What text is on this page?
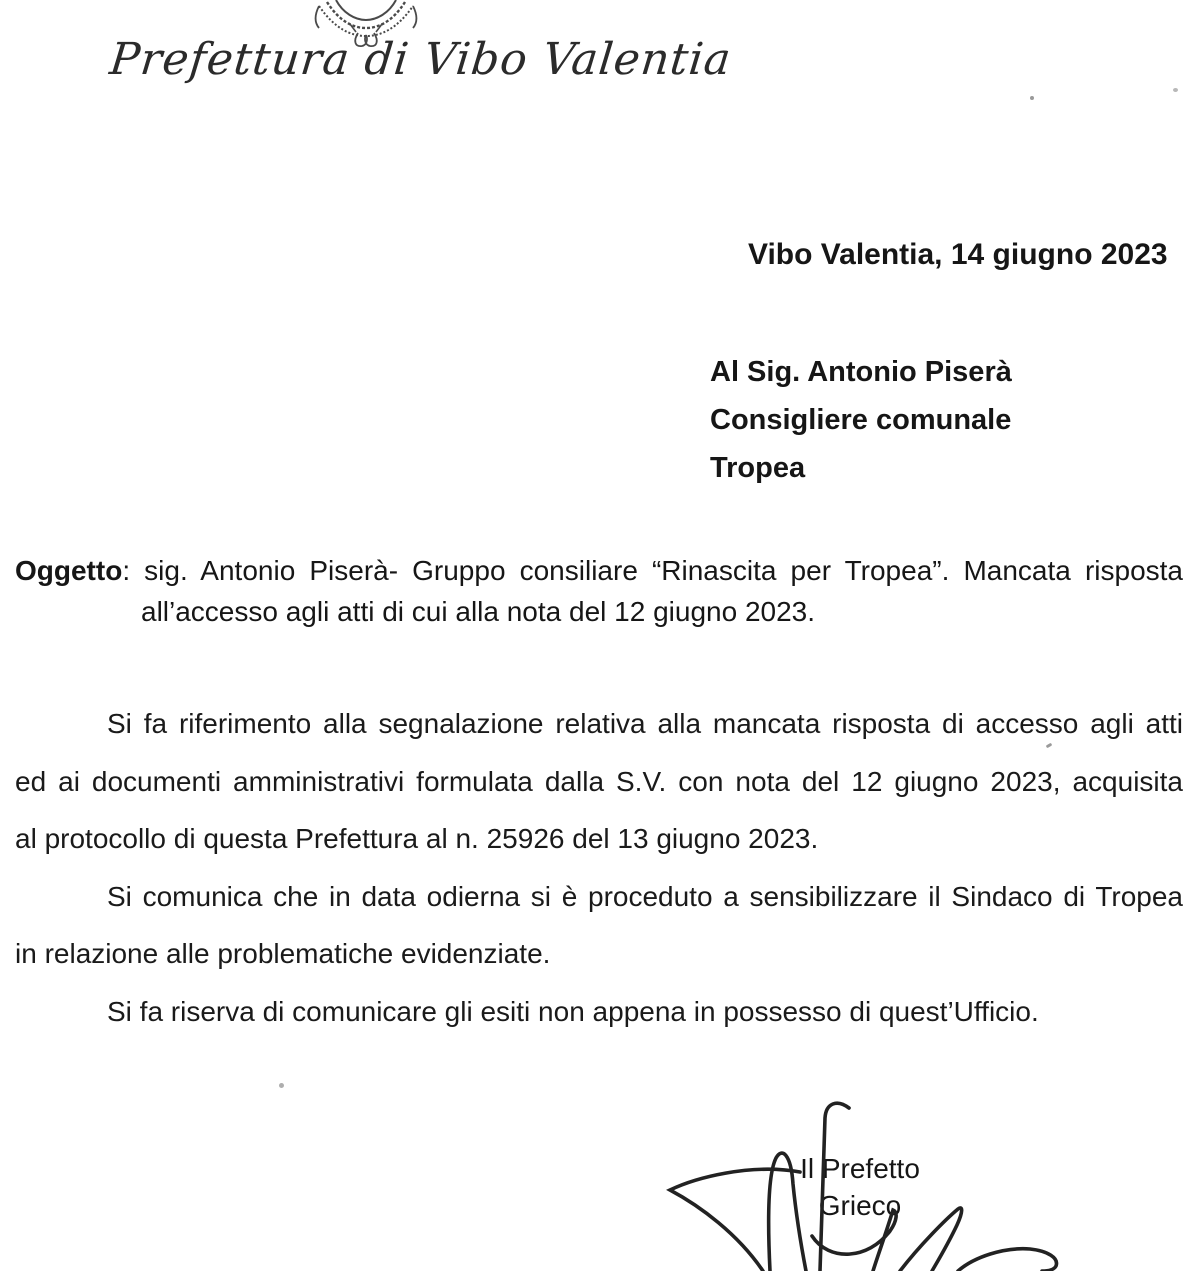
Prefettura di Vibo Valentia
Vibo Valentia, 14 giugno 2023
Al Sig. Antonio Piserà
Consigliere comunale
Tropea
Oggetto: sig. Antonio Piserà- Gruppo consiliare “Rinascita per Tropea”. Mancata risposta
all’accesso agli atti di cui alla nota del 12 giugno 2023.
Si fa riferimento alla segnalazione relativa alla mancata risposta di accesso agli atti
ed ai documenti amministrativi formulata dalla S.V. con nota del 12 giugno 2023, acquisita
al protocollo di questa Prefettura al n. 25926 del 13 giugno 2023.
Si comunica che in data odierna si è proceduto a sensibilizzare il Sindaco di Tropea
in relazione alle problematiche evidenziate.
Si fa riserva di comunicare gli esiti non appena in possesso di quest’Ufficio.
Il Prefetto
Grieco
